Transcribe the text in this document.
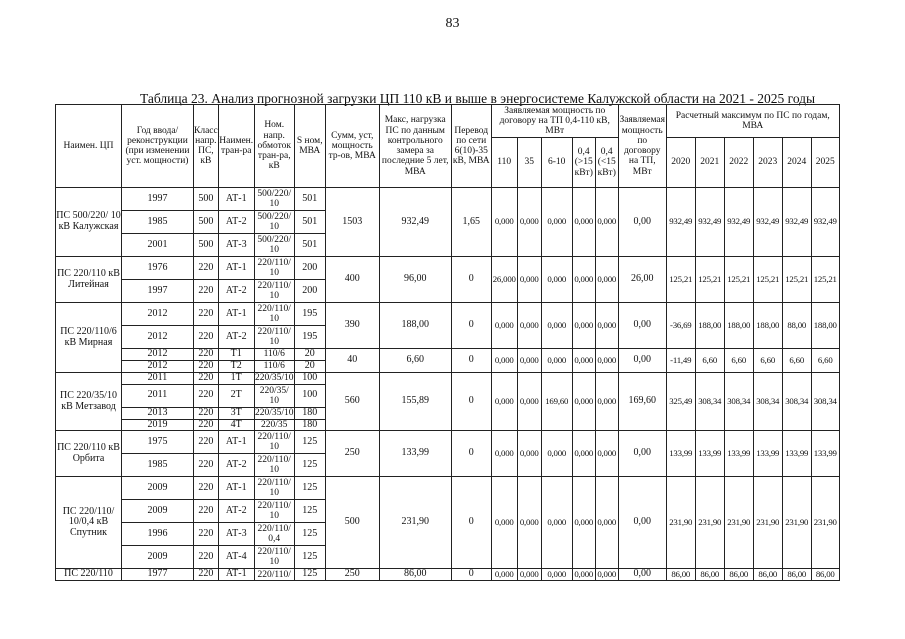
83
Таблица 23. Анализ прогнозной загрузки ЦП 110 кВ и выше в энергосистеме Калужской области на 2021 - 2025 годы
Наимен. ЦП	Год ввода/ реконструкции (при изменении уст. мощности)	Класс напр. ПС, кВ	Наимен. тран-ра	Ном. напр. обмоток тран-ра, кВ	S ном, МВА	Сумм, уст, мощность тр-ов, МВА	Макс, нагрузка ПС по данным контрольного замера за последние 5 лет, МВА	Перевод по сети 6(10)-35 кВ, МВА	Заявляемая мощность по договору на ТП 0,4-110 кВ, МВт					Заявляемая мощность по договору на ТП, МВт	Расчетный максимум по ПС по годам, МВА					
									110	35	6-10	0,4 (>15 кВт)	0,4 (<15 кВт)		2020	2021	2022	2023	2024	2025
ПС 500/220/ 10 кВ Калужская	1997	500	АТ-1	500/220/ 10	501	1503	932,49	1,65	0,000	0,000	0,000	0,000	0,000	0,00	932,49	932,49	932,49	932,49	932,49	932,49
	1985	500	АТ-2	500/220/ 10	501															
	2001	500	АТ-3	500/220/ 10	501															
ПС 220/110 кВ Литейная	1976	220	АТ-1	220/110/ 10	200	400	96,00	0	26,000	0,000	0,000	0,000	0,000	26,00	125,21	125,21	125,21	125,21	125,21	125,21
	1997	220	АТ-2	220/110/ 10	200															
ПС 220/110/6 кВ Мирная	2012	220	АТ-1	220/110/ 10	195	390	188,00	0	0,000	0,000	0,000	0,000	0,000	0,00	-36,69	188,00	188,00	188,00	88,00	188,00
	2012	220	АТ-2	220/110/ 10	195															
	2012	220	Т1	110/6	20	40	6,60	0	0,000	0,000	0,000	0,000	0,000	0,00	-11,49	6,60	6,60	6,60	6,60	6,60
	2012	220	Т2	110/6	20															
ПС 220/35/10 кВ Метзавод	2011	220	1Т	220/35/10	100	560	155,89	0	0,000	0,000	169,60	0,000	0,000	169,60	325,49	308,34	308,34	308,34	308,34	308,34
	2011	220	2Т	220/35/ 10	100															
	2013	220	3Т	220/35/10	180															
	2019	220	4Т	220/35	180															
ПС 220/110 кВ Орбита	1975	220	АТ-1	220/110/ 10	125	250	133,99	0	0,000	0,000	0,000	0,000	0,000	0,00	133,99	133,99	133,99	133,99	133,99	133,99
	1985	220	АТ-2	220/110/ 10	125															
ПС 220/110/ 10/0,4 кВ Спутник	2009	220	АТ-1	220/110/ 10	125	500	231,90	0	0,000	0,000	0,000	0,000	0,000	0,00	231,90	231,90	231,90	231,90	231,90	231,90
	2009	220	АТ-2	220/110/ 10	125															
	1996	220	АТ-3	220/110/ 0,4	125															
	2009	220	АТ-4	220/110/ 10	125															
ПС 220/110	1977	220	АТ-1	220/110/	125	250	86,00	0	0,000	0,000	0,000	0,000	0,000	0,00	86,00	86,00	86,00	86,00	86,00	86,00
